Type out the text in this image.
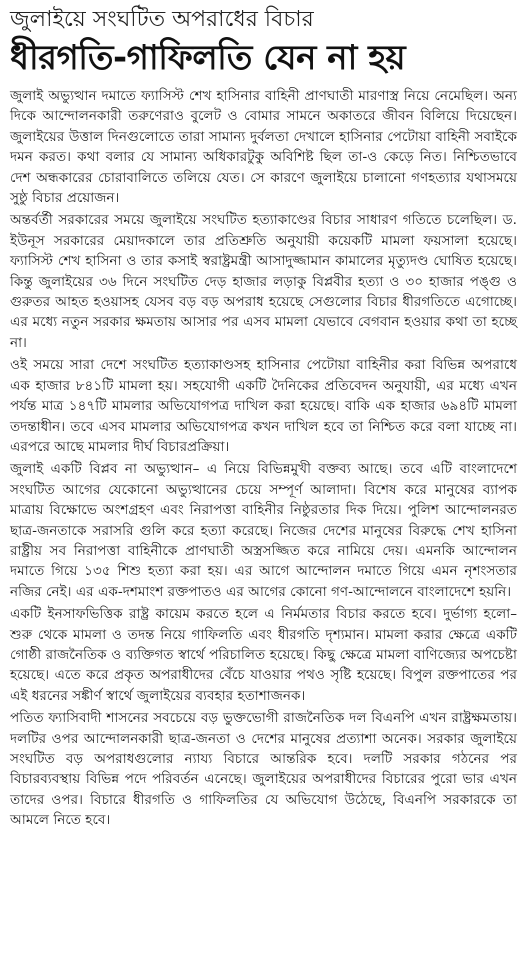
জুলাইয়ে সংঘটিত অপরাধের বিচার
ধীরগতি-গাফিলতি যেন না হয়

জুলাই অভ্যুত্থান দমাতে ফ্যাসিস্ট শেখ হাসিনার বাহিনী প্রাণঘাতী মারণাস্ত্র নিয়ে নেমেছিল। অন্য দিকে আন্দোলনকারী তরুণেরাও বুলেট ও বোমার সামনে অকাতরে জীবন বিলিয়ে দিয়েছেন। জুলাইয়ের উত্তাল দিনগুলোতে তারা সামান্য দুর্বলতা দেখালে হাসিনার পেটোয়া বাহিনী সবাইকে দমন করত। কথা বলার যে সামান্য অধিকারটুকু অবিশিষ্ট ছিল তা-ও কেড়ে নিত। নিশ্চিতভাবে দেশ অন্ধকারের চোরাবালিতে তলিয়ে যেত। সে কারণে জুলাইয়ে চালানো গণহত্যার যথাসময়ে সুষ্ঠু বিচার প্রয়োজন।

অন্তর্বর্তী সরকারের সময়ে জুলাইয়ে সংঘটিত হত্যাকাণ্ডের বিচার সাধারণ গতিতে চলেছিল। ড. ইউনূস সরকারের মেয়াদকালে তার প্রতিশ্রুতি অনুযায়ী কয়েকটি মামলা ফয়সালা হয়েছে। ফ্যাসিস্ট শেখ হাসিনা ও তার কসাই স্বরাষ্ট্রমন্ত্রী আসাদুজ্জামান কামালের মৃত্যুদণ্ড ঘোষিত হয়েছে। কিন্তু জুলাইয়ের ৩৬ দিনে সংঘটিত দেড় হাজার লড়াকু বিপ্লবীর হত্যা ও ৩০ হাজার পঙ্গু ও গুরুতর আহত হওয়াসহ যেসব বড় বড় অপরাধ হয়েছে সেগুলোর বিচার ধীরগতিতে এগোচ্ছে। এর মধ্যে নতুন সরকার ক্ষমতায় আসার পর এসব মামলা যেভাবে বেগবান হওয়ার কথা তা হচ্ছে না।

ওই সময়ে সারা দেশে সংঘটিত হত্যাকাণ্ডসহ হাসিনার পেটোয়া বাহিনীর করা বিভিন্ন অপরাধে এক হাজার ৮৪১টি মামলা হয়। সহযোগী একটি দৈনিকের প্রতিবেদন অনুযায়ী, এর মধ্যে এখন পর্যন্ত মাত্র ১৪৭টি মামলার অভিযোগপত্র দাখিল করা হয়েছে। বাকি এক হাজার ৬৯৪টি মামলা তদন্তাধীন। তবে এসব মামলার অভিযোগপত্র কখন দাখিল হবে তা নিশ্চিত করে বলা যাচ্ছে না। এরপরে আছে মামলার দীর্ঘ বিচারপ্রক্রিয়া।

জুলাই একটি বিপ্লব না অভ্যুত্থান– এ নিয়ে বিভিন্নমুখী বক্তব্য আছে। তবে এটি বাংলাদেশে সংঘটিত আগের যেকোনো অভ্যুত্থানের চেয়ে সম্পূর্ণ আলাদা। বিশেষ করে মানুষের ব্যাপক মাত্রায় বিক্ষোভে অংশগ্রহণ এবং নিরাপত্তা বাহিনীর নিষ্ঠুরতার দিক দিয়ে। পুলিশ আন্দোলনরত ছাত্র-জনতাকে সরাসরি গুলি করে হত্যা করেছে। নিজের দেশের মানুষের বিরুদ্ধে শেখ হাসিনা রাষ্ট্রীয় সব নিরাপত্তা বাহিনীকে প্রাণঘাতী অস্ত্রসজ্জিত করে নামিয়ে দেয়। এমনকি আন্দোলন দমাতে গিয়ে ১৩৫ শিশু হত্যা করা হয়। এর আগে আন্দোলন দমাতে গিয়ে এমন নৃশংসতার নজির নেই। এর এক-দশমাংশ রক্তপাতও এর আগের কোনো গণ-আন্দোলনে বাংলাদেশে হয়নি।

একটি ইনসাফভিত্তিক রাষ্ট্র কায়েম করতে হলে এ নির্মমতার বিচার করতে হবে। দুর্ভাগ্য হলো– শুরু থেকে মামলা ও তদন্ত নিয়ে গাফিলতি এবং ধীরগতি দৃশ্যমান। মামলা করার ক্ষেত্রে একটি গোষ্ঠী রাজনৈতিক ও ব্যক্তিগত স্বার্থে পরিচালিত হয়েছে। কিছু ক্ষেত্রে মামলা বাণিজ্যের অপচেষ্টা হয়েছে। এতে করে প্রকৃত অপরাধীদের বেঁচে যাওয়ার পথও সৃষ্টি হয়েছে। বিপুল রক্তপাতের পর এই ধরনের সঙ্কীর্ণ স্বার্থে জুলাইয়ের ব্যবহার হতাশাজনক।

পতিত ফ্যাসিবাদী শাসনের সবচেয়ে বড় ভুক্তভোগী রাজনৈতিক দল বিএনপি এখন রাষ্ট্রক্ষমতায়। দলটির ওপর আন্দোলনকারী ছাত্র-জনতা ও দেশের মানুষের প্রত্যাশা অনেক। সরকার জুলাইয়ে সংঘটিত বড় অপরাধগুলোর ন্যায্য বিচারে আন্তরিক হবে। দলটি সরকার গঠনের পর বিচারব্যবস্থায় বিভিন্ন পদে পরিবর্তন এনেছে। জুলাইয়ের অপরাধীদের বিচারের পুরো ভার এখন তাদের ওপর। বিচারে ধীরগতি ও গাফিলতির যে অভিযোগ উঠেছে, বিএনপি সরকারকে তা আমলে নিতে হবে।
